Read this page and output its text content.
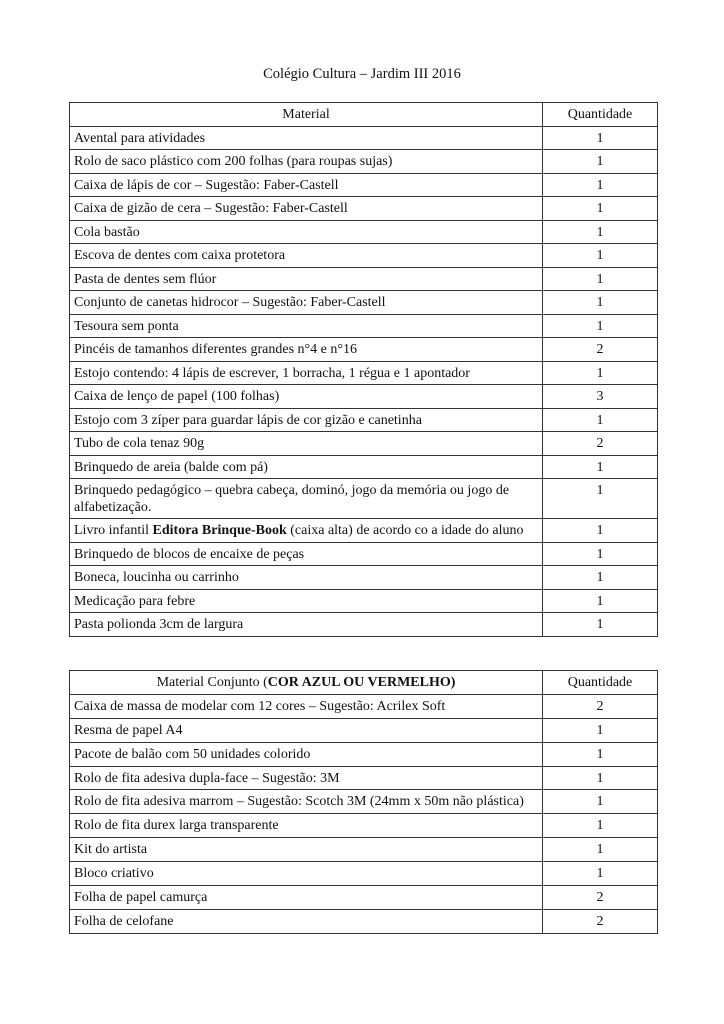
Colégio Cultura – Jardim III 2016
Material	Quantidade
Avental para atividades	1
Rolo de saco plástico com 200 folhas (para roupas sujas)	1
Caixa de lápis de cor – Sugestão: Faber-Castell	1
Caixa de gizão de cera – Sugestão: Faber-Castell	1
Cola bastão	1
Escova de dentes com caixa protetora	1
Pasta de dentes sem flúor	1
Conjunto de canetas hidrocor – Sugestão: Faber-Castell	1
Tesoura sem ponta	1
Pincéis de tamanhos diferentes grandes n°4 e n°16	2
Estojo contendo: 4 lápis de escrever, 1 borracha, 1 régua e 1 apontador	1
Caixa de lenço de papel (100 folhas)	3
Estojo com 3 zíper para guardar lápis de cor gizão e canetinha	1
Tubo de cola tenaz 90g	2
Brinquedo de areia (balde com pá)	1
Brinquedo pedagógico – quebra cabeça, dominó, jogo da memória ou jogo de alfabetização.	1
Livro infantil Editora Brinque-Book (caixa alta) de acordo co a idade do aluno	1
Brinquedo de blocos de encaixe de peças	1
Boneca, loucinha ou carrinho	1
Medicação para febre	1
Pasta polionda 3cm de largura	1
Material Conjunto (COR AZUL OU VERMELHO)	Quantidade
Caixa de massa de modelar com 12 cores – Sugestão: Acrilex Soft	2
Resma de papel A4	1
Pacote de balão com 50 unidades colorido	1
Rolo de fita adesiva dupla-face – Sugestão: 3M	1
Rolo de fita adesiva marrom – Sugestão: Scotch 3M (24mm x 50m não plástica)	1
Rolo de fita durex larga transparente	1
Kit do artista	1
Bloco criativo	1
Folha de papel camurça	2
Folha de celofane	2
